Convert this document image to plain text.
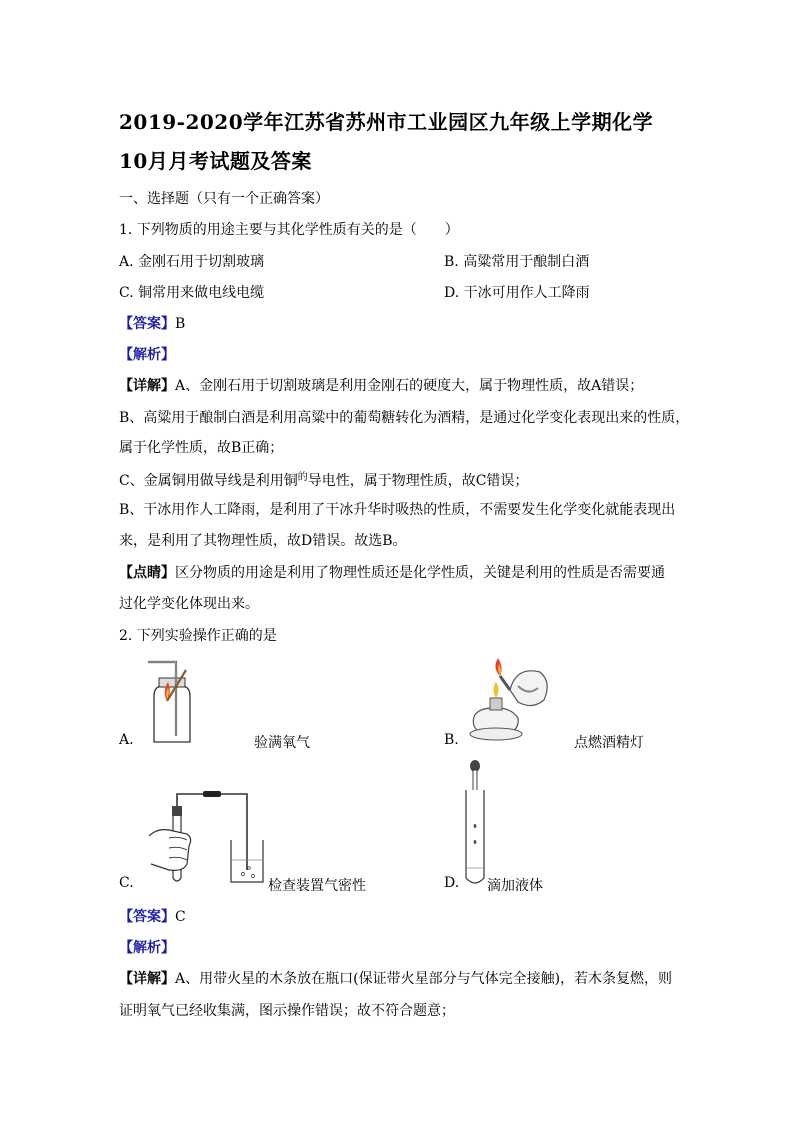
2019-2020学年江苏省苏州市工业园区九年级上学期化学
10月月考试题及答案
一、选择题（只有一个正确答案）
1. 下列物质的用途主要与其化学性质有关的是（　　）
A. 金刚石用于切割玻璃	B. 高粱常用于酿制白酒
C. 铜常用来做电线电缆	D. 干冰可用作人工降雨
【答案】B
【解析】
【详解】A、金刚石用于切割玻璃是利用金刚石的硬度大，属于物理性质，故A错误；
B、高粱用于酿制白酒是利用高粱中的葡萄糖转化为酒精，是通过化学变化表现出来的性质，
属于化学性质，故B正确；
C、金属铜用做导线是利用铜$^的$导电性，属于物理性质，故C错误；
B、干冰用作人工降雨，是利用了干冰升华时吸热的性质，不需要发生化学变化就能表现出
来，是利用了其物理性质，故D错误。故选B。
【点睛】区分物质的用途是利用了物理性质还是化学性质，关键是利用的性质是否需要通
过化学变化体现出来。
2. 下列实验操作正确的是
A.	验满氧气	B.	点燃酒精灯
C.	检查装置气密性	D. 滴加液体
【答案】C
【解析】
【详解】A、用带火星的木条放在瓶口(保证带火星部分与气体完全接触)，若木条复燃，则
证明氧气已经收集满，图示操作错误；故不符合题意；
